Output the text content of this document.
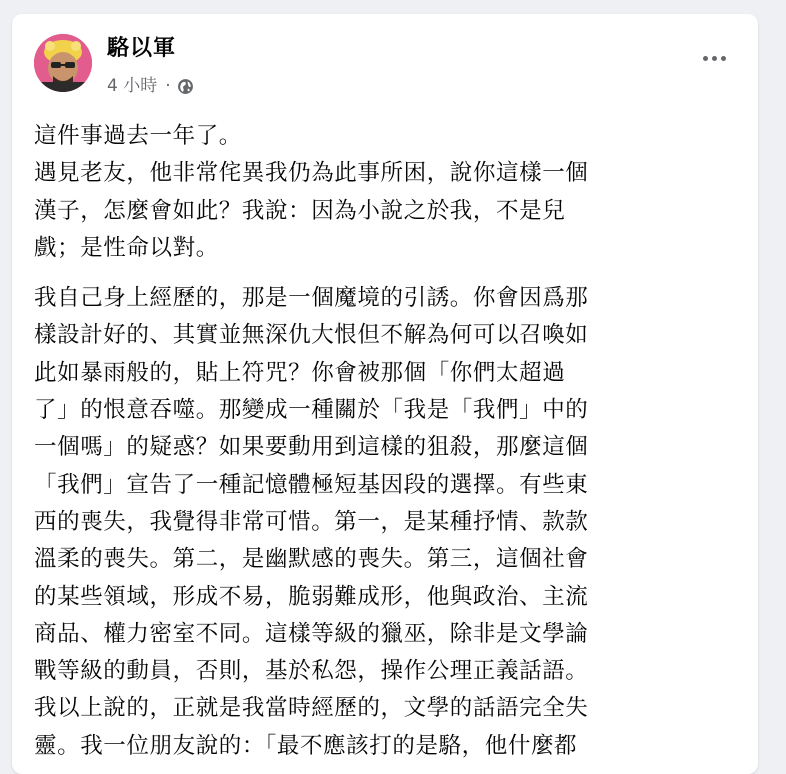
駱以軍
4 小時 ·

這件事過去一年了。
遇見老友，他非常侘異我仍為此事所困，說你這樣一個
漢子，怎麼會如此？我說：因為小說之於我，不是兒
戲；是性命以對。

我自己身上經歷的，那是一個魔境的引誘。你會因爲那
樣設計好的、其實並無深仇大恨但不解為何可以召喚如
此如暴雨般的，貼上符咒？你會被那個「你們太超過
了」的恨意吞噬。那變成一種關於「我是「我們」中的
一個嗎」的疑惑？如果要動用到這樣的狙殺，那麼這個
「我們」宣告了一種記憶體極短基因段的選擇。有些東
西的喪失，我覺得非常可惜。第一，是某種抒情、款款
溫柔的喪失。第二，是幽默感的喪失。第三，這個社會
的某些領域，形成不易，脆弱難成形，他與政治、主流
商品、權力密室不同。這樣等級的獵巫，除非是文學論
戰等級的動員，否則，基於私怨，操作公理正義話語。
我以上說的，正就是我當時經歷的，文學的話語完全失
靈。我一位朋友說的：「最不應該打的是駱，他什麼都
